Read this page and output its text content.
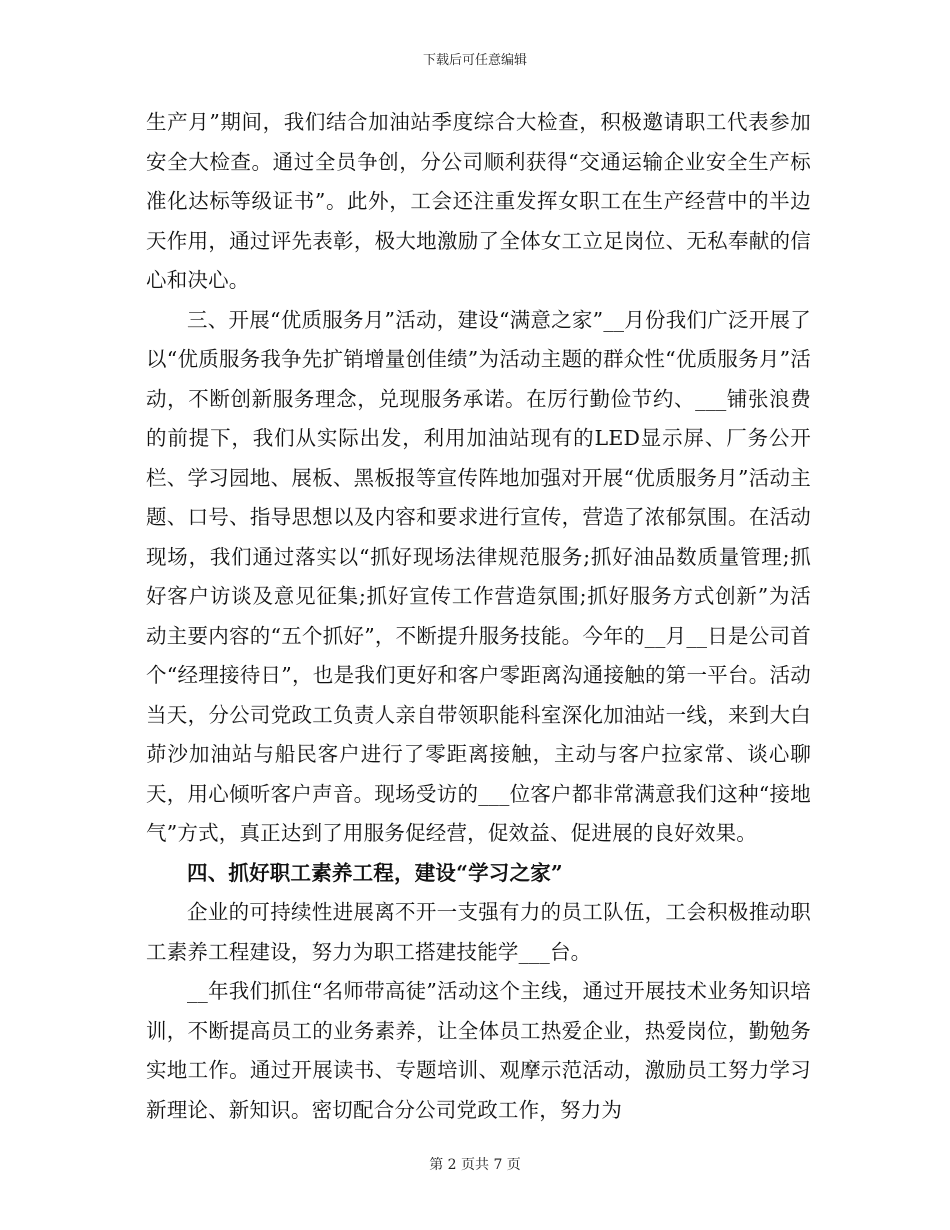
下载后可任意编辑

生产月”期间，我们结合加油站季度综合大检查，积极邀请职工代表参加安全大检查。通过全员争创，分公司顺利获得“交通运输企业安全生产标准化达标等级证书”。此外，工会还注重发挥女职工在生产经营中的半边天作用，通过评先表彰，极大地激励了全体女工立足岗位、无私奉献的信心和决心。

三、开展“优质服务月”活动，建设“满意之家”__月份我们广泛开展了以“优质服务我争先扩销增量创佳绩”为活动主题的群众性“优质服务月”活动，不断创新服务理念，兑现服务承诺。在厉行勤俭节约、___铺张浪费的前提下，我们从实际出发，利用加油站现有的LED显示屏、厂务公开栏、学习园地、展板、黑板报等宣传阵地加强对开展“优质服务月”活动主题、口号、指导思想以及内容和要求进行宣传，营造了浓郁氛围。在活动现场，我们通过落实以“抓好现场法律规范服务;抓好油品数质量管理;抓好客户访谈及意见征集;抓好宣传工作营造氛围;抓好服务方式创新”为活动主要内容的“五个抓好”，不断提升服务技能。今年的__月__日是公司首个“经理接待日”，也是我们更好和客户零距离沟通接触的第一平台。活动当天，分公司党政工负责人亲自带领职能科室深化加油站一线，来到大白茆沙加油站与船民客户进行了零距离接触，主动与客户拉家常、谈心聊天，用心倾听客户声音。现场受访的___位客户都非常满意我们这种“接地气”方式，真正达到了用服务促经营，促效益、促进展的良好效果。

四、抓好职工素养工程，建设“学习之家”

企业的可持续性进展离不开一支强有力的员工队伍，工会积极推动职工素养工程建设，努力为职工搭建技能学___台。

__年我们抓住“名师带高徒”活动这个主线，通过开展技术业务知识培训，不断提高员工的业务素养，让全体员工热爱企业，热爱岗位，勤勉务实地工作。通过开展读书、专题培训、观摩示范活动，激励员工努力学习新理论、新知识。密切配合分公司党政工作，努力为

第 2 页共 7 页
